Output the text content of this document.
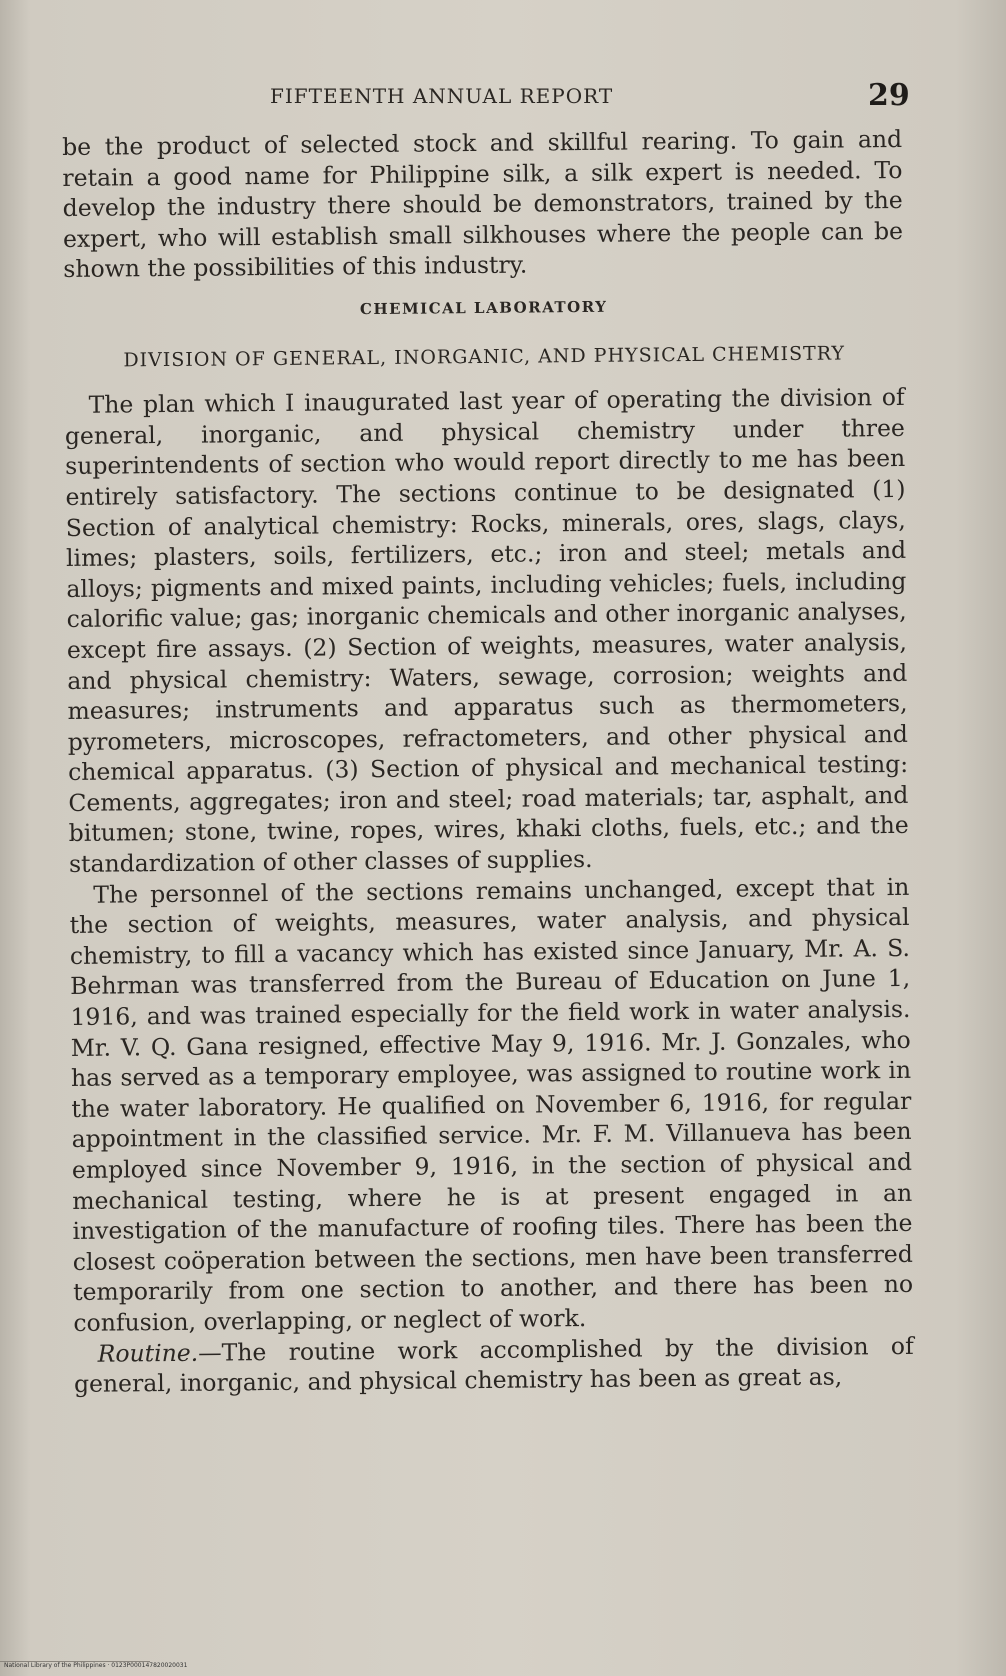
FIFTEENTH ANNUAL REPORT	29

be the product of selected stock and skillful rearing. To gain and retain a good name for Philippine silk, a silk expert is needed. To develop the industry there should be demonstrators, trained by the expert, who will establish small silkhouses where the people can be shown the possibilities of this industry.

CHEMICAL LABORATORY

DIVISION OF GENERAL, INORGANIC, AND PHYSICAL CHEMISTRY

The plan which I inaugurated last year of operating the division of general, inorganic, and physical chemistry under three superintendents of section who would report directly to me has been entirely satisfactory. The sections continue to be designated (1) Section of analytical chemistry: Rocks, minerals, ores, slags, clays, limes; plasters, soils, fertilizers, etc.; iron and steel; metals and alloys; pigments and mixed paints, including vehicles; fuels, including calorific value; gas; inorganic chemicals and other inorganic analyses, except fire assays. (2) Section of weights, measures, water analysis, and physical chemistry: Waters, sewage, corrosion; weights and measures; instruments and apparatus such as thermometers, pyrometers, microscopes, refractometers, and other physical and chemical apparatus. (3) Section of physical and mechanical testing: Cements, aggregates; iron and steel; road materials; tar, asphalt, and bitumen; stone, twine, ropes, wires, khaki cloths, fuels, etc.; and the standardization of other classes of supplies.

The personnel of the sections remains unchanged, except that in the section of weights, measures, water analysis, and physical chemistry, to fill a vacancy which has existed since January, Mr. A. S. Behrman was transferred from the Bureau of Education on June 1, 1916, and was trained especially for the field work in water analysis. Mr. V. Q. Gana resigned, effective May 9, 1916. Mr. J. Gonzales, who has served as a temporary employee, was assigned to routine work in the water laboratory. He qualified on November 6, 1916, for regular appointment in the classified service. Mr. F. M. Villanueva has been employed since November 9, 1916, in the section of physical and mechanical testing, where he is at present engaged in an investigation of the manufacture of roofing tiles. There has been the closest coöperation between the sections, men have been transferred temporarily from one section to another, and there has been no confusion, overlapping, or neglect of work.

Routine.—The routine work accomplished by the division of general, inorganic, and physical chemistry has been as great as,

National Library of the Philippines · 0123P000147820020031
